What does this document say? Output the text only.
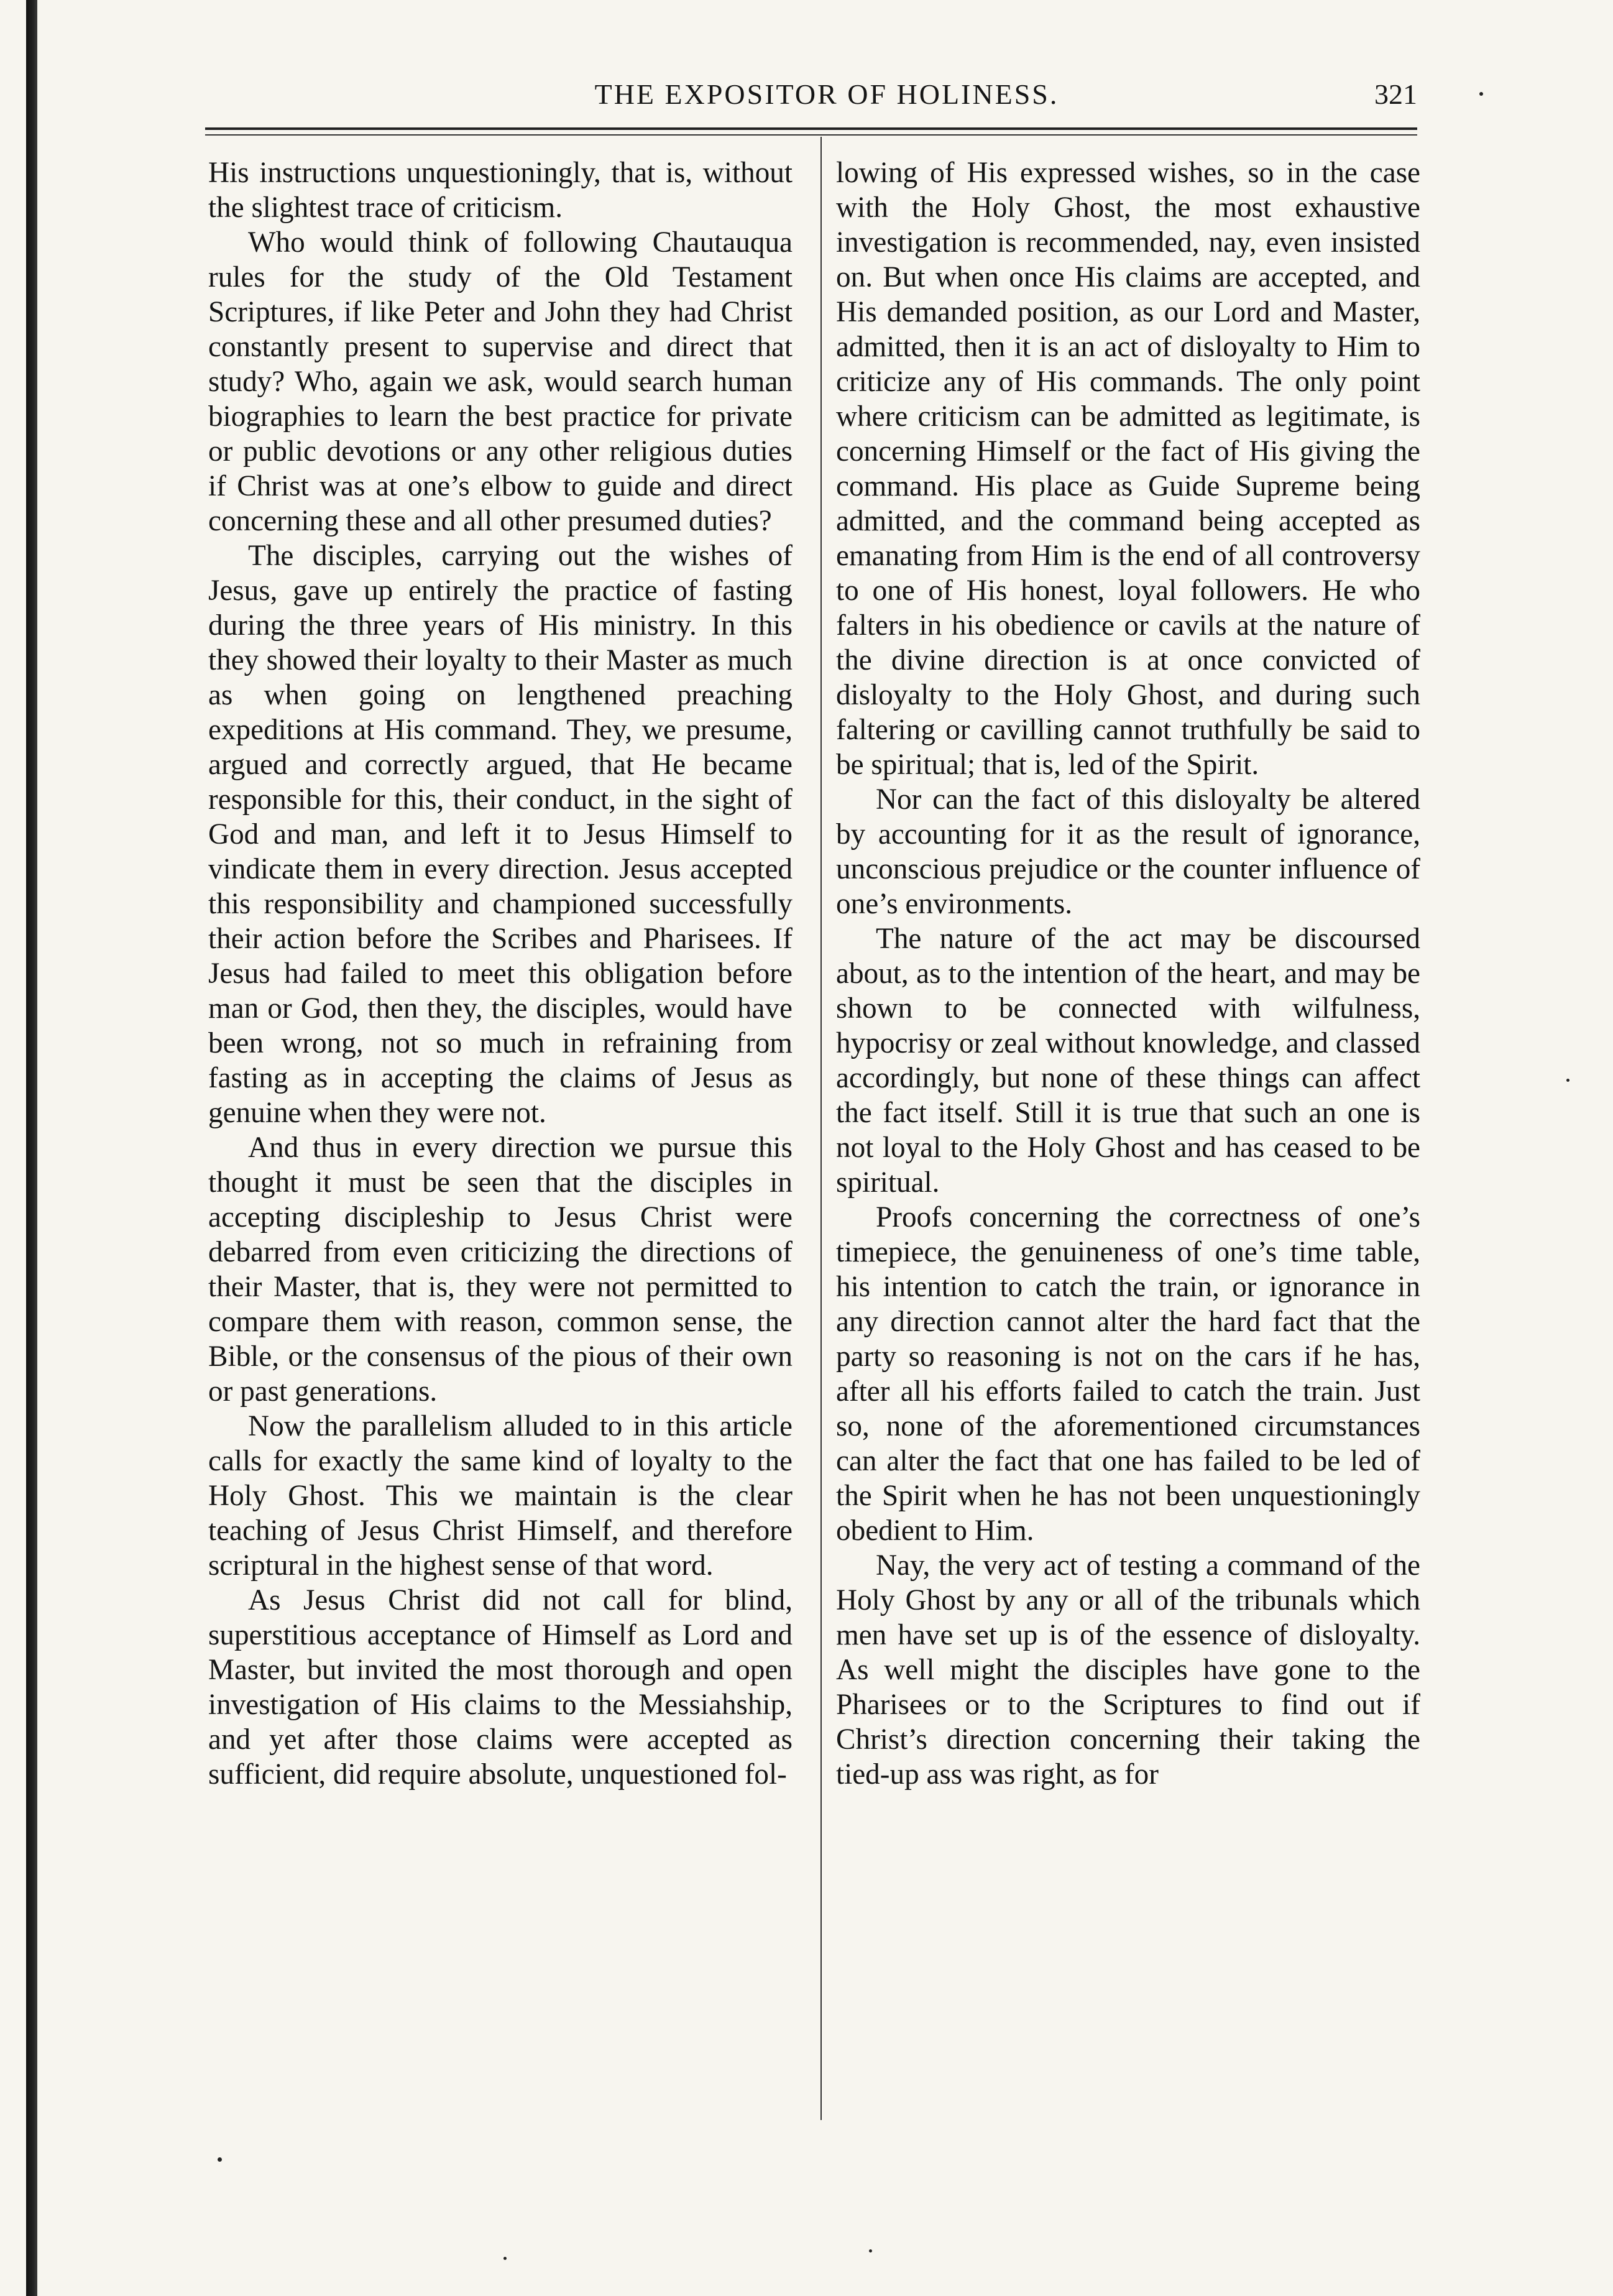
THE EXPOSITOR OF HOLINESS.	321

His instructions unquestioningly, that is, without the slightest trace of criticism.

Who would think of following Chautauqua rules for the study of the Old Testament Scriptures, if like Peter and John they had Christ constantly present to supervise and direct that study? Who, again we ask, would search human biographies to learn the best practice for private or public devotions or any other religious duties if Christ was at one’s elbow to guide and direct concerning these and all other presumed duties?

The disciples, carrying out the wishes of Jesus, gave up entirely the practice of fasting during the three years of His ministry. In this they showed their loyalty to their Master as much as when going on lengthened preaching expeditions at His command. They, we presume, argued and correctly argued, that He became responsible for this, their conduct, in the sight of God and man, and left it to Jesus Himself to vindicate them in every direction. Jesus accepted this responsibility and championed successfully their action before the Scribes and Pharisees. If Jesus had failed to meet this obligation before man or God, then they, the disciples, would have been wrong, not so much in refraining from fasting as in accepting the claims of Jesus as genuine when they were not.

And thus in every direction we pursue this thought it must be seen that the disciples in accepting discipleship to Jesus Christ were debarred from even criticizing the directions of their Master, that is, they were not permitted to compare them with reason, common sense, the Bible, or the consensus of the pious of their own or past generations.

Now the parallelism alluded to in this article calls for exactly the same kind of loyalty to the Holy Ghost. This we maintain is the clear teaching of Jesus Christ Himself, and therefore scriptural in the highest sense of that word.

As Jesus Christ did not call for blind, superstitious acceptance of Himself as Lord and Master, but invited the most thorough and open investigation of His claims to the Messiahship, and yet after those claims were accepted as sufficient, did require absolute, unquestioned fol-

lowing of His expressed wishes, so in the case with the Holy Ghost, the most exhaustive investigation is recommended, nay, even insisted on. But when once His claims are accepted, and His demanded position, as our Lord and Master, admitted, then it is an act of disloyalty to Him to criticize any of His commands. The only point where criticism can be admitted as legitimate, is concerning Himself or the fact of His giving the command. His place as Guide Supreme being admitted, and the command being accepted as emanating from Him is the end of all controversy to one of His honest, loyal followers. He who falters in his obedience or cavils at the nature of the divine direction is at once convicted of disloyalty to the Holy Ghost, and during such faltering or cavilling cannot truthfully be said to be spiritual; that is, led of the Spirit.

Nor can the fact of this disloyalty be altered by accounting for it as the result of ignorance, unconscious prejudice or the counter influence of one’s environments.

The nature of the act may be discoursed about, as to the intention of the heart, and may be shown to be connected with wilfulness, hypocrisy or zeal without knowledge, and classed accordingly, but none of these things can affect the fact itself. Still it is true that such an one is not loyal to the Holy Ghost and has ceased to be spiritual.

Proofs concerning the correctness of one’s timepiece, the genuineness of one’s time table, his intention to catch the train, or ignorance in any direction cannot alter the hard fact that the party so reasoning is not on the cars if he has, after all his efforts failed to catch the train. Just so, none of the aforementioned circumstances can alter the fact that one has failed to be led of the Spirit when he has not been unquestioningly obedient to Him.

Nay, the very act of testing a command of the Holy Ghost by any or all of the tribunals which men have set up is of the essence of disloyalty. As well might the disciples have gone to the Pharisees or to the Scriptures to find out if Christ’s direction concerning their taking the tied-up ass was right, as for
